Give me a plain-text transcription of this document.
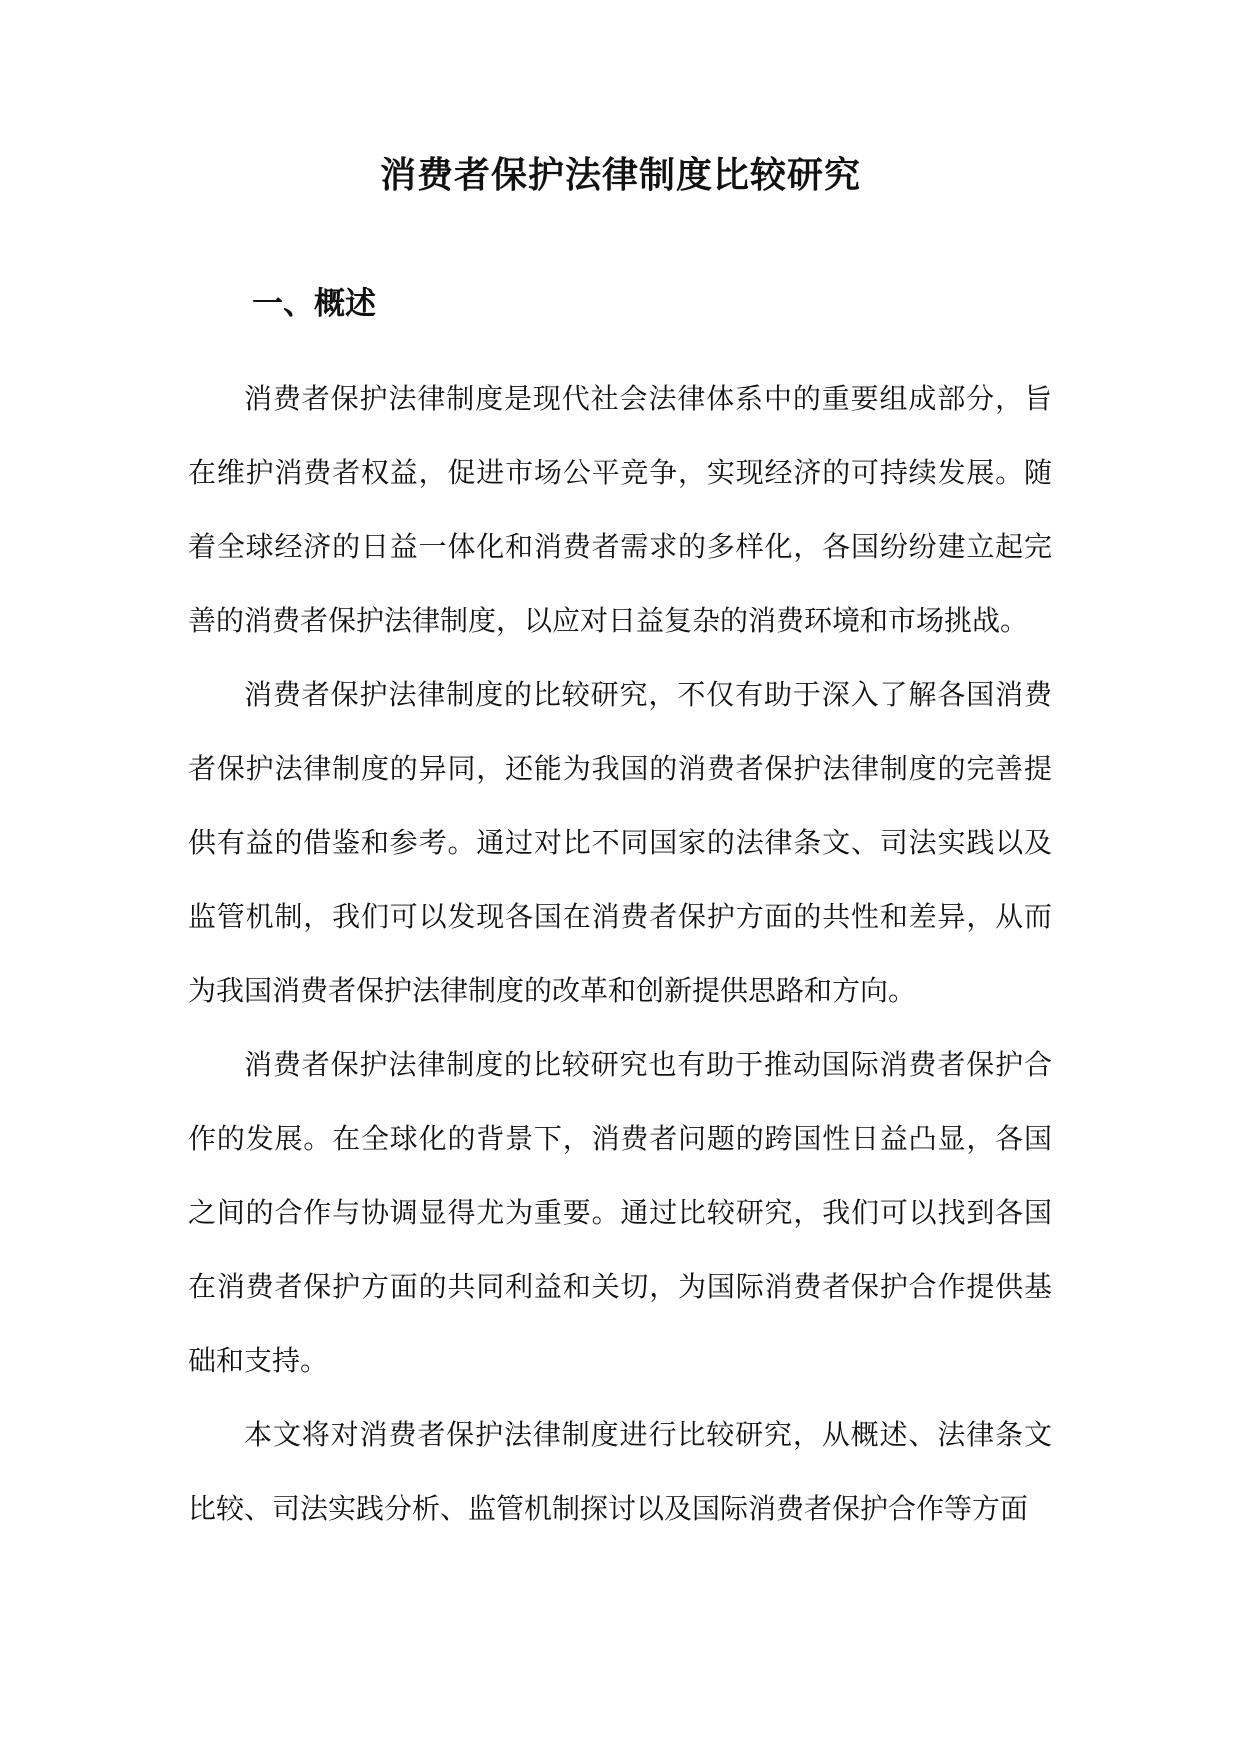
消费者保护法律制度比较研究
一、概述

消费者保护法律制度是现代社会法律体系中的重要组成部分，旨在维护消费者权益，促进市场公平竞争，实现经济的可持续发展。随着全球经济的日益一体化和消费者需求的多样化，各国纷纷建立起完善的消费者保护法律制度，以应对日益复杂的消费环境和市场挑战。

消费者保护法律制度的比较研究，不仅有助于深入了解各国消费者保护法律制度的异同，还能为我国的消费者保护法律制度的完善提供有益的借鉴和参考。通过对比不同国家的法律条文、司法实践以及监管机制，我们可以发现各国在消费者保护方面的共性和差异，从而为我国消费者保护法律制度的改革和创新提供思路和方向。

消费者保护法律制度的比较研究也有助于推动国际消费者保护合作的发展。在全球化的背景下，消费者问题的跨国性日益凸显，各国之间的合作与协调显得尤为重要。通过比较研究，我们可以找到各国在消费者保护方面的共同利益和关切，为国际消费者保护合作提供基础和支持。

本文将对消费者保护法律制度进行比较研究，从概述、法律条文比较、司法实践分析、监管机制探讨以及国际消费者保护合作等方面
